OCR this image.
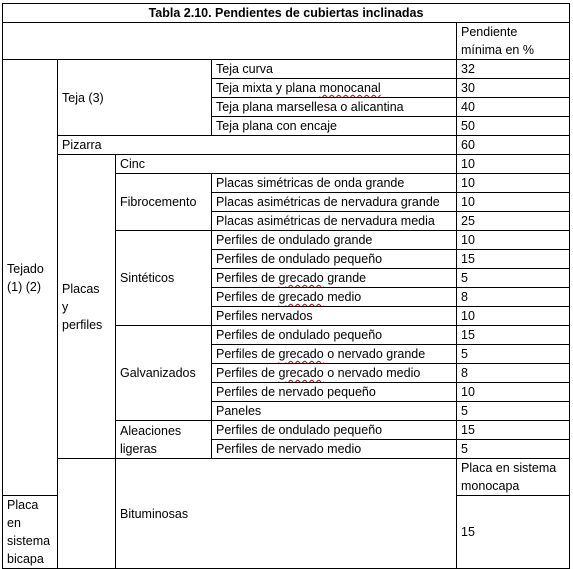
Tabla 2.10. Pendientes de cubiertas inclinadas					
				Pendiente
mínima en %	
Tejado
(1) (2)	Teja (3)		Teja curva	32	
			Teja mixta y plana monocanal	30	
			Teja plana marsellesa o alicantina	40	
			Teja plana con encaje	50	
	Pizarra			60	
	Placas
y
perfiles	Cinc		10	
		Fibrocemento	Placas simétricas de onda grande	10	
			Placas asimétricas de nervadura grande	10	
			Placas asimétricas de nervadura media	25	
		Sintéticos	Perfiles de ondulado grande	10	
			Perfiles de ondulado pequeño	15	
			Perfiles de grecado grande	5	
			Perfiles de grecado medio	8	
			Perfiles nervados	10	
		Galvanizados	Perfiles de ondulado pequeño	15	
			Perfiles de grecado o nervado grande	5	
			Perfiles de grecado o nervado medio	8	
			Perfiles de nervado pequeño	10	
			Paneles	5	
		Aleaciones
ligeras	Perfiles de ondulado pequeño	15	
			Perfiles de nervado medio	5	
		Bituminosas		Placa en sistema monocapa	
Placa en sistema bicapa				15	
